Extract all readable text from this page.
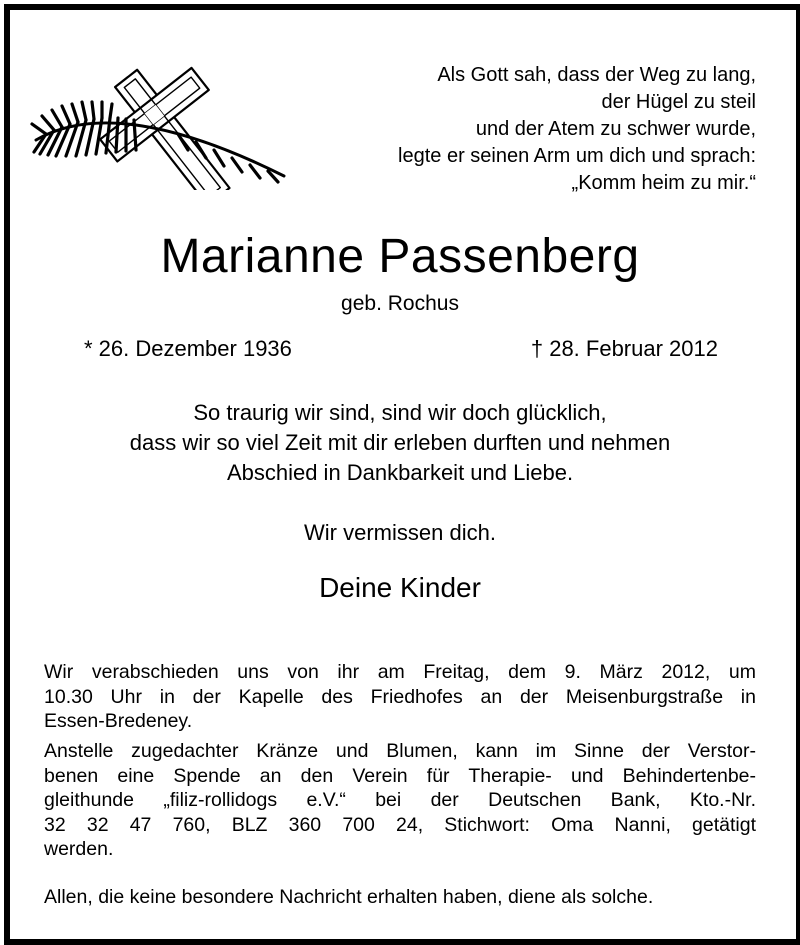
Als Gott sah, dass der Weg zu lang,
der Hügel zu steil
und der Atem zu schwer wurde,
legte er seinen Arm um dich und sprach:
„Komm heim zu mir.“
Marianne Passenberg
geb. Rochus
* 26. Dezember 1936	† 28. Februar 2012
So traurig wir sind, sind wir doch glücklich,
dass wir so viel Zeit mit dir erleben durften und nehmen
Abschied in Dankbarkeit und Liebe.
Wir vermissen dich.
Deine Kinder
Wir verabschieden uns von ihr am Freitag, dem 9. März 2012, um
10.30 Uhr in der Kapelle des Friedhofes an der Meisenburgstraße in
Essen-Bredeney.
Anstelle zugedachter Kränze und Blumen, kann im Sinne der Verstor-
benen eine Spende an den Verein für Therapie- und Behindertenbe-
gleithunde „filiz-rollidogs e.V.“ bei der Deutschen Bank, Kto.-Nr.
32 32 47 760, BLZ 360 700 24, Stichwort: Oma Nanni, getätigt
werden.
Allen, die keine besondere Nachricht erhalten haben, diene als solche.
